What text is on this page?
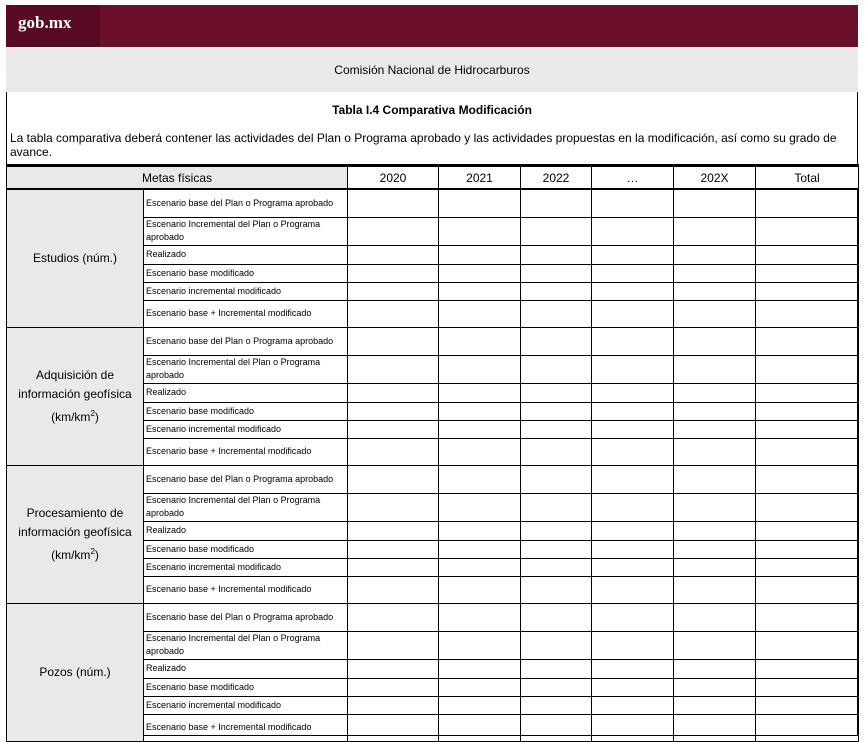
gob.mx
Comisión Nacional de Hidrocarburos
Tabla I.4 Comparativa Modificación
La tabla comparativa deberá contener las actividades del Plan o Programa aprobado y las actividades propuestas en la modificación, así como su grado de avance.
Metas físicas		2020	2021	2022	…	202X	Total
Estudios (núm.)	Escenario base del Plan o Programa aprobado						
	Escenario Incremental del Plan o Programa aprobado						
	Realizado						
	Escenario base modificado						
	Escenario incremental modificado						
	Escenario base + Incremental modificado						
Adquisición de
información geofísica
$(km/km^2)$	Escenario base del Plan o Programa aprobado						
	Escenario Incremental del Plan o Programa aprobado						
	Realizado						
	Escenario base modificado						
	Escenario incremental modificado						
	Escenario base + Incremental modificado						
Procesamiento de
información geofísica
$(km/km^2)$	Escenario base del Plan o Programa aprobado						
	Escenario Incremental del Plan o Programa aprobado						
	Realizado						
	Escenario base modificado						
	Escenario incremental modificado						
	Escenario base + Incremental modificado						
Pozos (núm.)	Escenario base del Plan o Programa aprobado						
	Escenario Incremental del Plan o Programa aprobado						
	Realizado						
	Escenario base modificado						
	Escenario incremental modificado						
	Escenario base + Incremental modificado						
